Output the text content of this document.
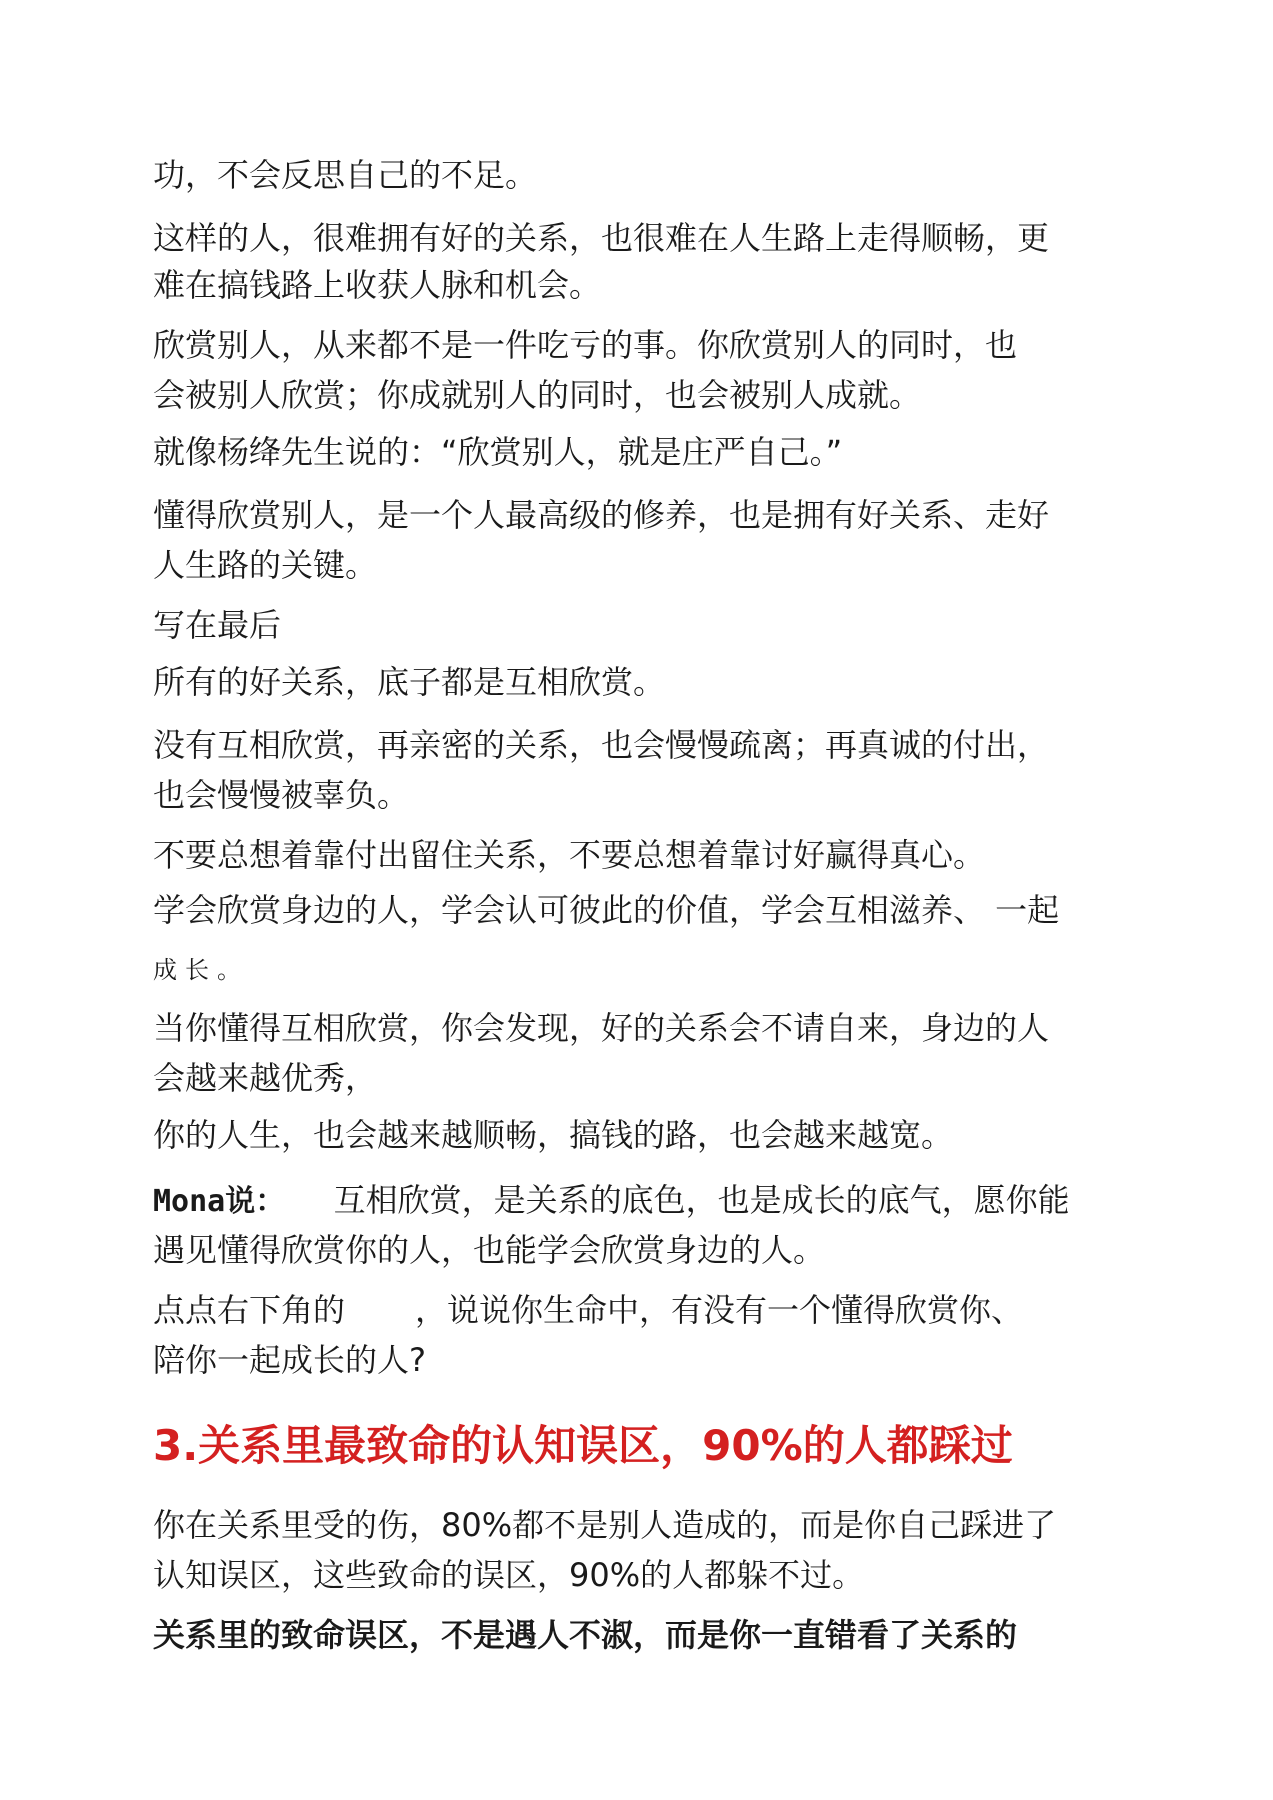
功，不会反思自己的不足。
这样的人，很难拥有好的关系，也很难在人生路上走得顺畅，更
难在搞钱路上收获人脉和机会。
欣赏别人，从来都不是一件吃亏的事。你欣赏别人的同时，也
会被别人欣赏；你成就别人的同时，也会被别人成就。
就像杨绛先生说的：“欣赏别人，就是庄严自己。”
懂得欣赏别人，是一个人最高级的修养，也是拥有好关系、走好
人生路的关键。
写在最后
所有的好关系，底子都是互相欣赏。
没有互相欣赏，再亲密的关系，也会慢慢疏离；再真诚的付出，
也会慢慢被辜负。
不要总想着靠付出留住关系，不要总想着靠讨好赢得真心。
学会欣赏身边的人，学会认可彼此的价值，学会互相滋养、 一起
成长。
当你懂得互相欣赏，你会发现，好的关系会不请自来，身边的人
会越来越优秀，
你的人生，也会越来越顺畅，搞钱的路，也会越来越宽。
Mona说： 互相欣赏，是关系的底色，也是成长的底气，愿你能
遇见懂得欣赏你的人，也能学会欣赏身边的人。
点点右下角的 ，说说你生命中，有没有一个懂得欣赏你、
陪你一起成长的人?
3.关系里最致命的认知误区，90%的人都踩过
你在关系里受的伤，80%都不是别人造成的，而是你自己踩进了
认知误区，这些致命的误区，90%的人都躲不过。
关系里的致命误区，不是遇人不淑，而是你一直错看了关系的
